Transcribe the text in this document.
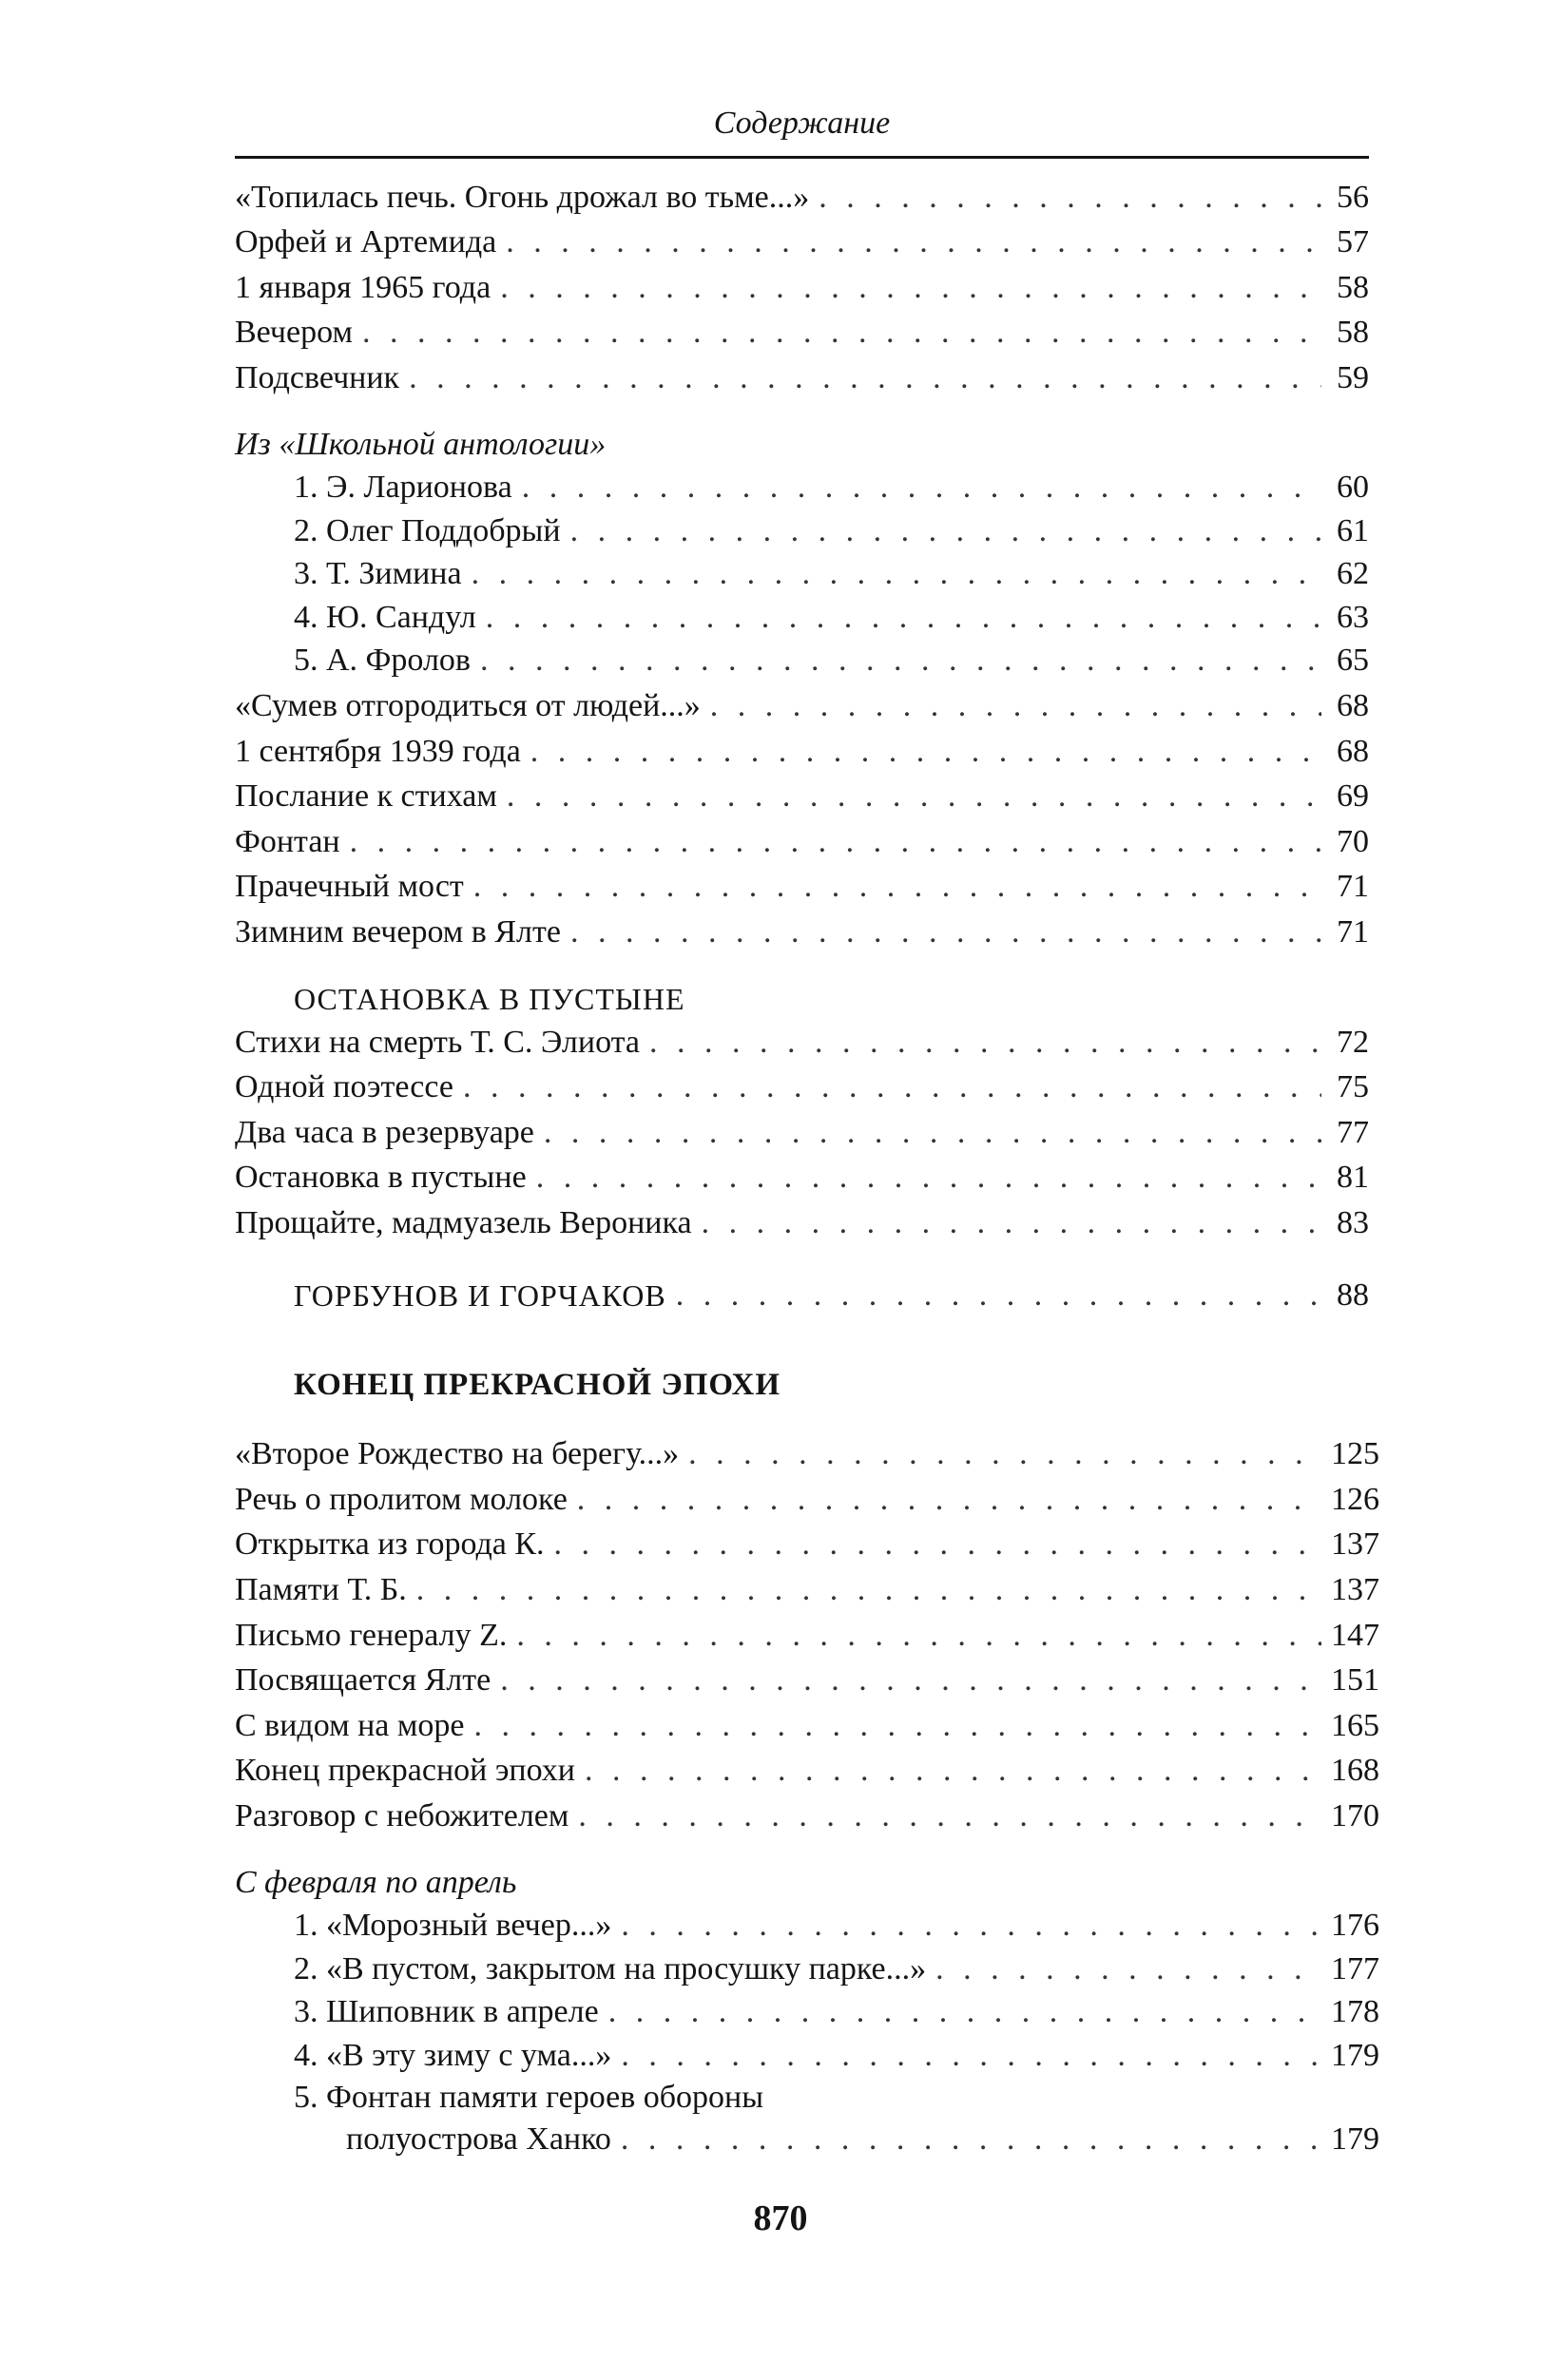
Содержание
«Топилась печь. Огонь дрожал во тьме...» . . .	56
Орфей и Артемида . . .	57
1 января 1965 года . . .	58
Вечером . . .	58
Подсвечник . . .	59
Из «Школьной антологии»
1. Э. Ларионова . . .	60
2. Олег Поддобрый . . .	61
3. Т. Зимина . . .	62
4. Ю. Сандул . . .	63
5. А. Фролов . . .	65
«Сумев отгородиться от людей...» . . .	68
1 сентября 1939 года . . .	68
Послание к стихам . . .	69
Фонтан . . .	70
Прачечный мост . . .	71
Зимним вечером в Ялте . . .	71
ОСТАНОВКА В ПУСТЫНЕ
Стихи на смерть Т. С. Элиота . . .	72
Одной поэтессе . . .	75
Два часа в резервуаре . . .	77
Остановка в пустыне . . .	81
Прощайте, мадмуазель Вероника . . .	83
ГОРБУНОВ И ГОРЧАКОВ . . .	88
КОНЕЦ ПРЕКРАСНОЙ ЭПОХИ
«Второе Рождество на берегу...» . . .	125
Речь о пролитом молоке . . .	126
Открытка из города К. . . .	137
Памяти Т. Б. . . .	137
Письмо генералу Z. . . .	147
Посвящается Ялте . . .	151
С видом на море . . .	165
Конец прекрасной эпохи . . .	168
Разговор с небожителем . . .	170
С февраля по апрель
1. «Морозный вечер...» . . .	176
2. «В пустом, закрытом на просушку парке...» . . .	177
3. Шиповник в апреле . . .	178
4. «В эту зиму с ума...» . . .	179
5. Фонтан памяти героев обороны
полуострова Ханко . . .	179
870
